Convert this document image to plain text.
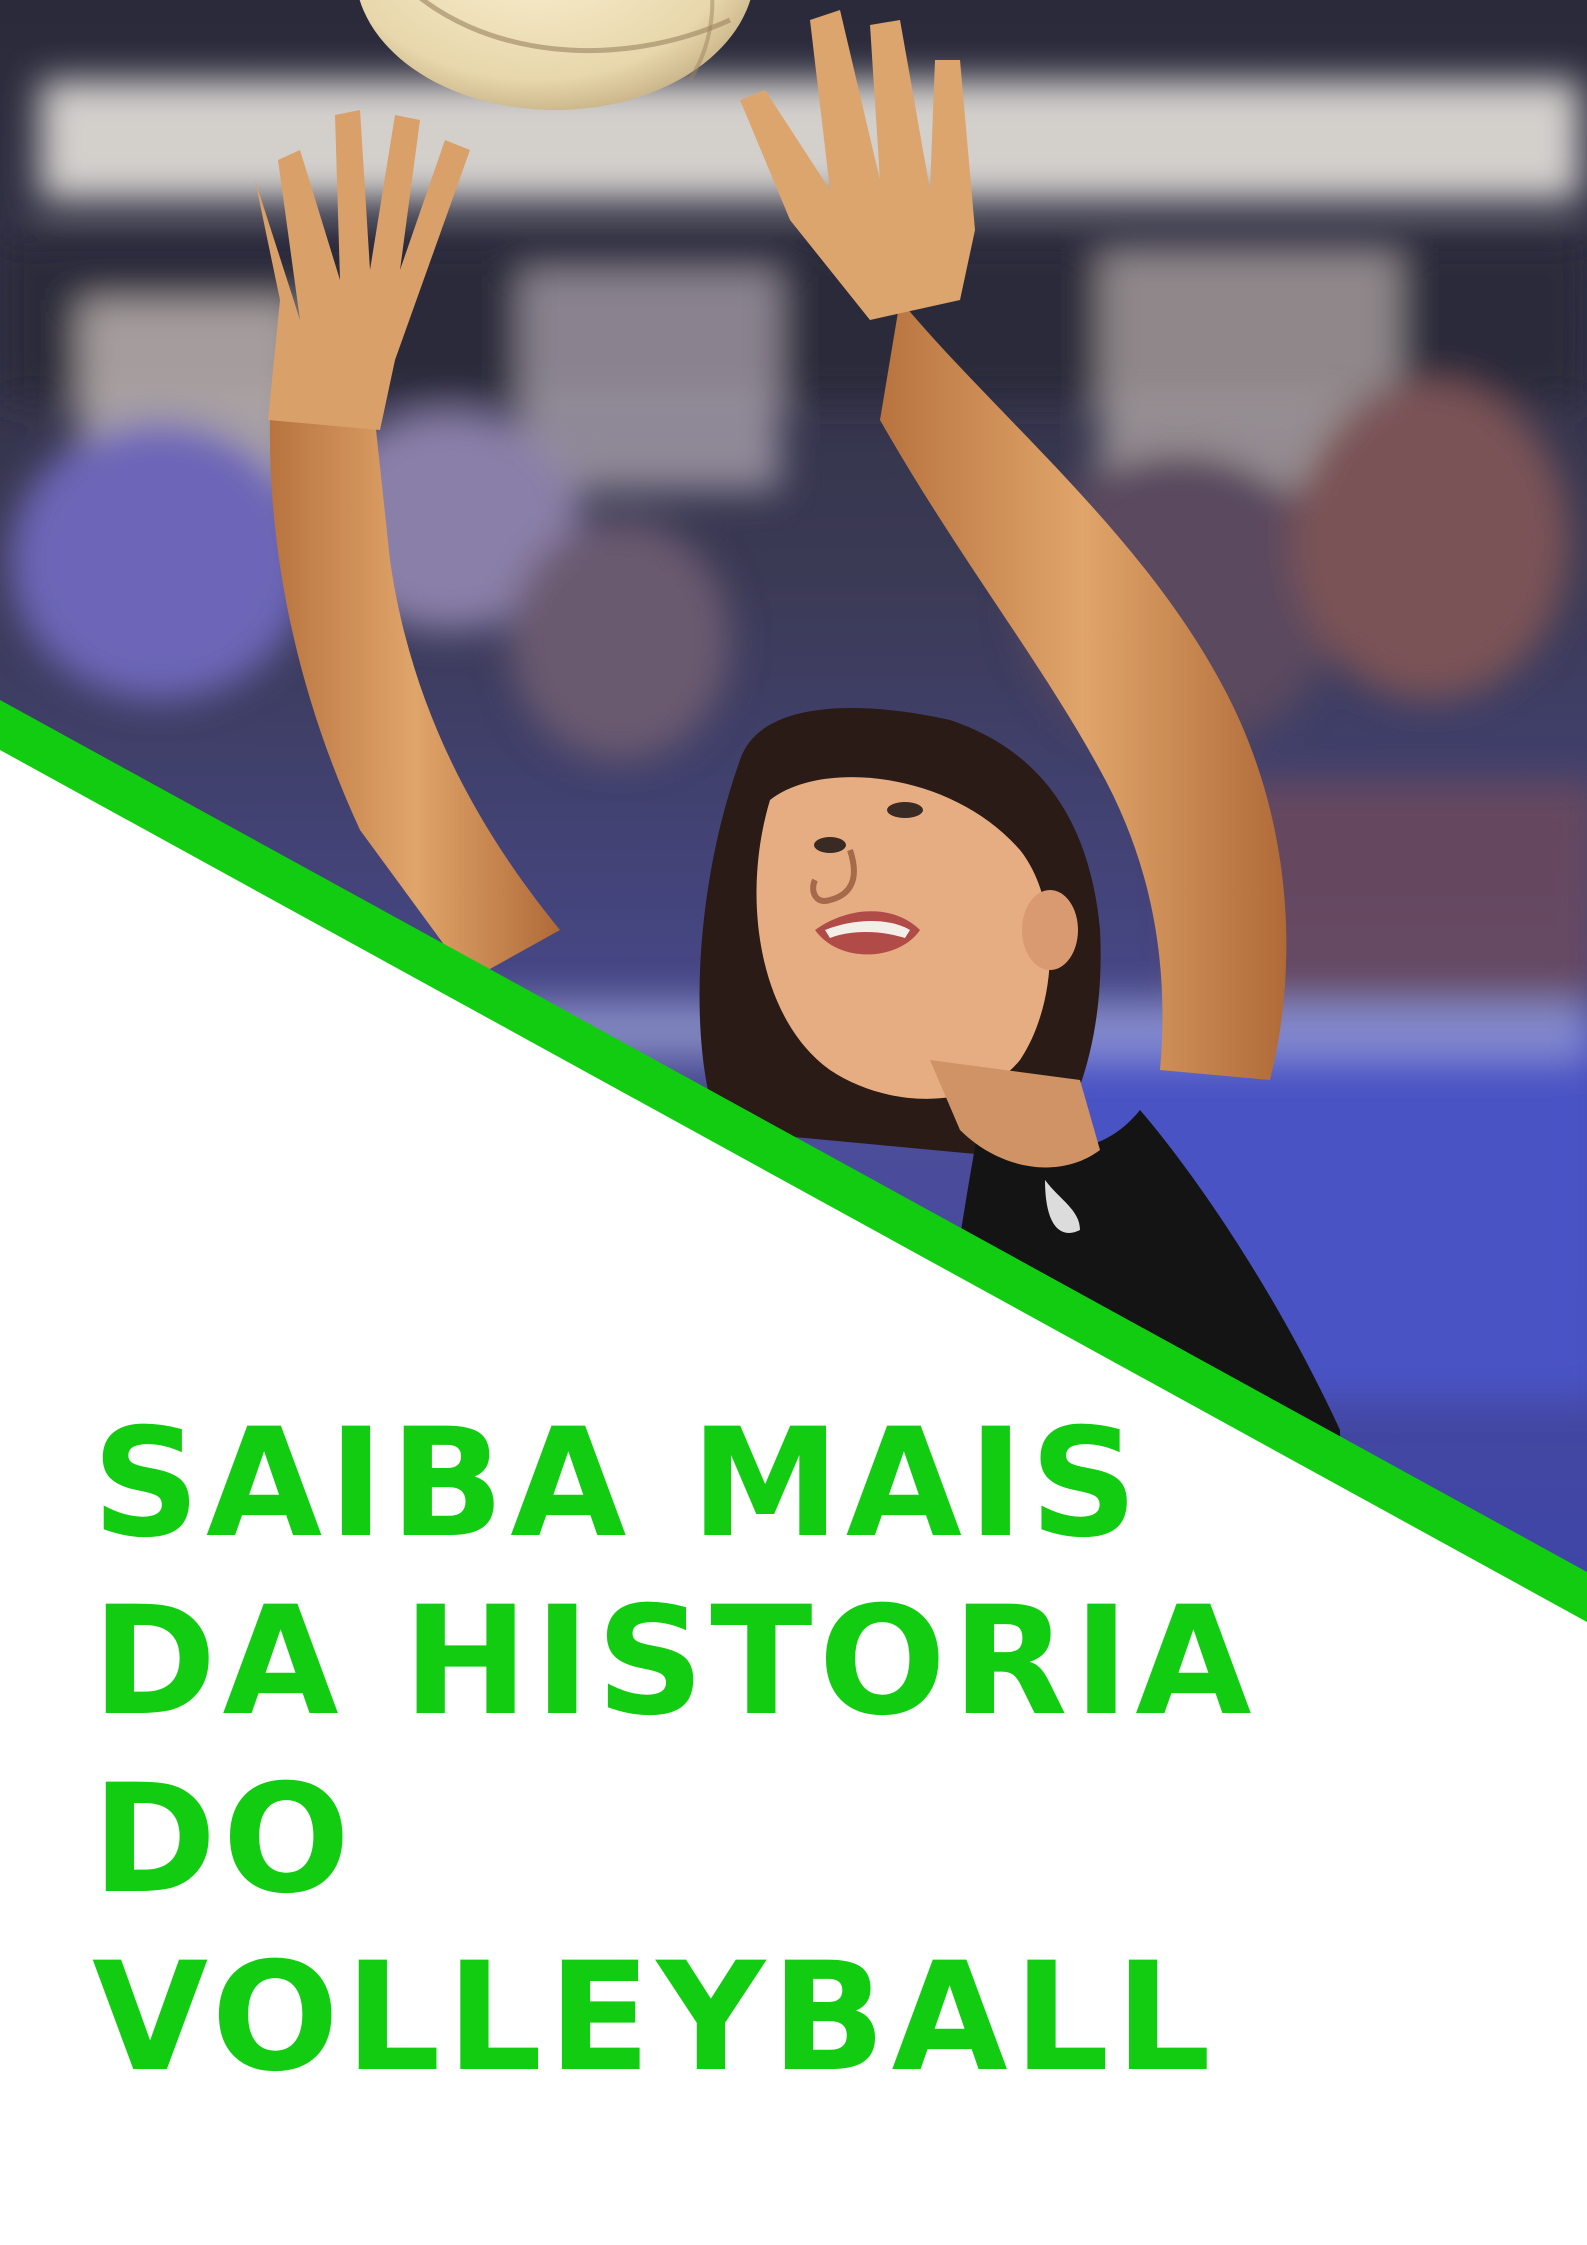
SAIBA MAIS
DA HISTORIA
DO
VOLLEYBALL
